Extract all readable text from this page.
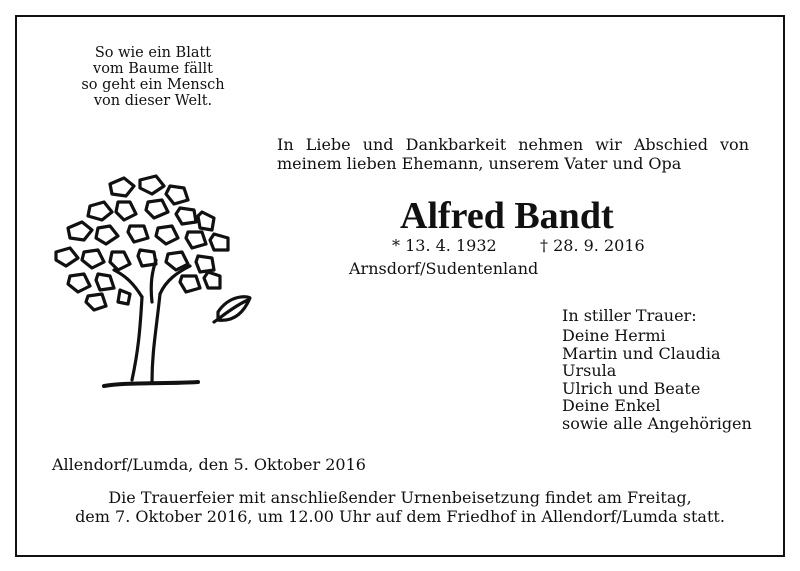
So wie ein Blatt
vom Baume fällt
so geht ein Mensch
von dieser Welt.
In Liebe und Dankbarkeit nehmen wir Abschied von
meinem lieben Ehemann, unserem Vater und Opa
Alfred Bandt
* 13. 4. 1932	† 28. 9. 2016
Arnsdorf/Sudentenland
In stiller Trauer:
Deine Hermi
Martin und Claudia
Ursula
Ulrich und Beate
Deine Enkel
sowie alle Angehörigen
Allendorf/Lumda, den 5. Oktober 2016
Die Trauerfeier mit anschließender Urnenbeisetzung findet am Freitag,
dem 7. Oktober 2016, um 12.00 Uhr auf dem Friedhof in Allendorf/Lumda statt.
